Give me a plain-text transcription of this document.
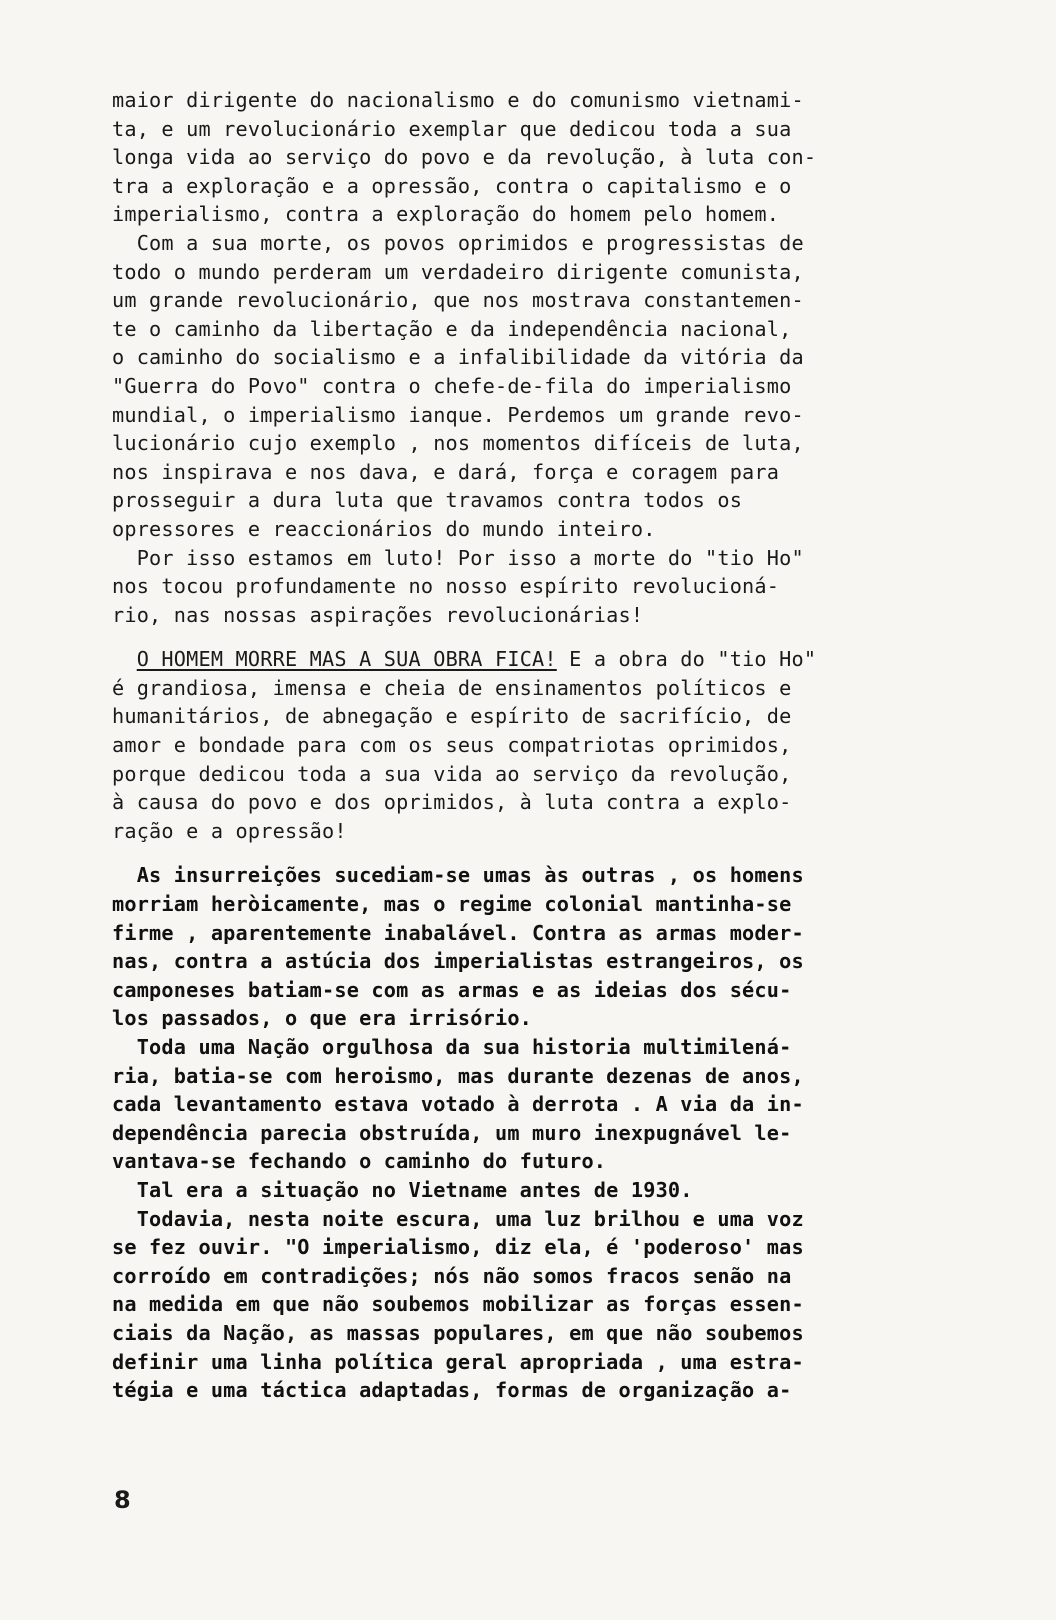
maior dirigente do nacionalismo e do comunismo vietnami-
ta, e um revolucionário exemplar que dedicou toda a sua
longa vida ao serviço do povo e da revolução, à luta con-
tra a exploração e a opressão, contra o capitalismo e o
imperialismo, contra a exploração do homem pelo homem.
Com a sua morte, os povos oprimidos e progressistas de
todo o mundo perderam um verdadeiro dirigente comunista,
um grande revolucionário, que nos mostrava constantemen-
te o caminho da libertação e da independência nacional,
o caminho do socialismo e a infalibilidade da vitória da
"Guerra do Povo" contra o chefe-de-fila do imperialismo
mundial, o imperialismo ianque. Perdemos um grande revo-
lucionário cujo exemplo , nos momentos difíceis de luta,
nos inspirava e nos dava, e dará, força e coragem para
prosseguir a dura luta que travamos contra todos os
opressores e reaccionários do mundo inteiro.
Por isso estamos em luto! Por isso a morte do "tio Ho"
nos tocou profundamente no nosso espírito revolucioná-
rio, nas nossas aspirações revolucionárias!
O HOMEM MORRE MAS A SUA OBRA FICA! E a obra do "tio Ho"
é grandiosa, imensa e cheia de ensinamentos políticos e
humanitários, de abnegação e espírito de sacrifício, de
amor e bondade para com os seus compatriotas oprimidos,
porque dedicou toda a sua vida ao serviço da revolução,
à causa do povo e dos oprimidos, à luta contra a explo-
ração e a opressão!
As insurreições sucediam-se umas às outras , os homens
morriam heròicamente, mas o regime colonial mantinha-se
firme , aparentemente inabalável. Contra as armas moder-
nas, contra a astúcia dos imperialistas estrangeiros, os
camponeses batiam-se com as armas e as ideias dos sécu-
los passados, o que era irrisório.
Toda uma Nação orgulhosa da sua historia multimilená-
ria, batia-se com heroismo, mas durante dezenas de anos,
cada levantamento estava votado à derrota . A via da in-
dependência parecia obstruída, um muro inexpugnável le-
vantava-se fechando o caminho do futuro.
Tal era a situação no Vietname antes de 1930.
Todavia, nesta noite escura, uma luz brilhou e uma voz
se fez ouvir. "O imperialismo, diz ela, é 'poderoso' mas
corroído em contradições; nós não somos fracos senão na
na medida em que não soubemos mobilizar as forças essen-
ciais da Nação, as massas populares, em que não soubemos
definir uma linha política geral apropriada , uma estra-
tégia e uma táctica adaptadas, formas de organização a-
8
